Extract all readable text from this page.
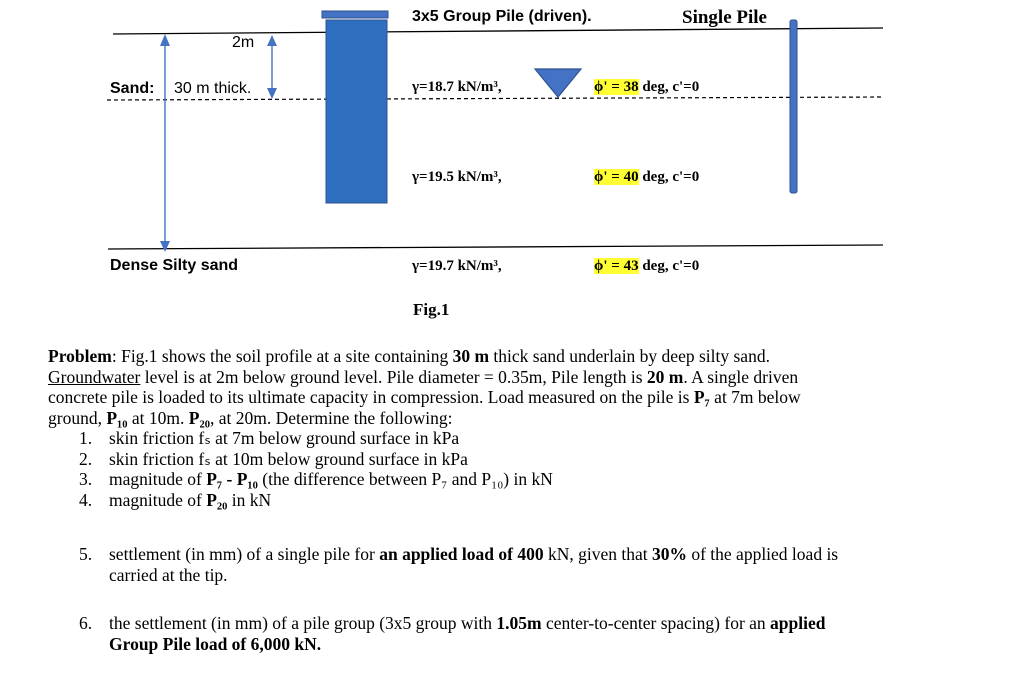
3x5 Group Pile (driven).	Single Pile
2m
Sand: 30 m thick.
Dense Silty sand
γ=18.7 kN/m³,
γ=19.5 kN/m³,
γ=19.7 kN/m³,
ϕ' = 38 deg, c'=0
ϕ' = 40 deg, c'=0
ϕ' = 43 deg, c'=0
Fig.1

Problem: Fig.1 shows the soil profile at a site containing 30 m thick sand underlain by deep silty sand.

Groundwater level is at 2m below ground level. Pile diameter = 0.35m, Pile length is 20 m. A single driven

concrete pile is loaded to its ultimate capacity in compression. Load measured on the pile is P₇ at 7m below

ground, P₁₀ at 10m. P₂₀, at 20m. Determine the following:

1. skin friction fₛ at 7m below ground surface in kPa
2. skin friction fₛ at 10m below ground surface in kPa
3. magnitude of P₇ - P₁₀ (the difference between P₇ and P₁₀) in kN
4. magnitude of P₂₀ in kN
5. settlement (in mm) of a single pile for an applied load of 400 kN, given that 30% of the applied load is
carried at the tip.
6. the settlement (in mm) of a pile group (3x5 group with 1.05m center-to-center spacing) for an applied
Group Pile load of 6,000 kN.
